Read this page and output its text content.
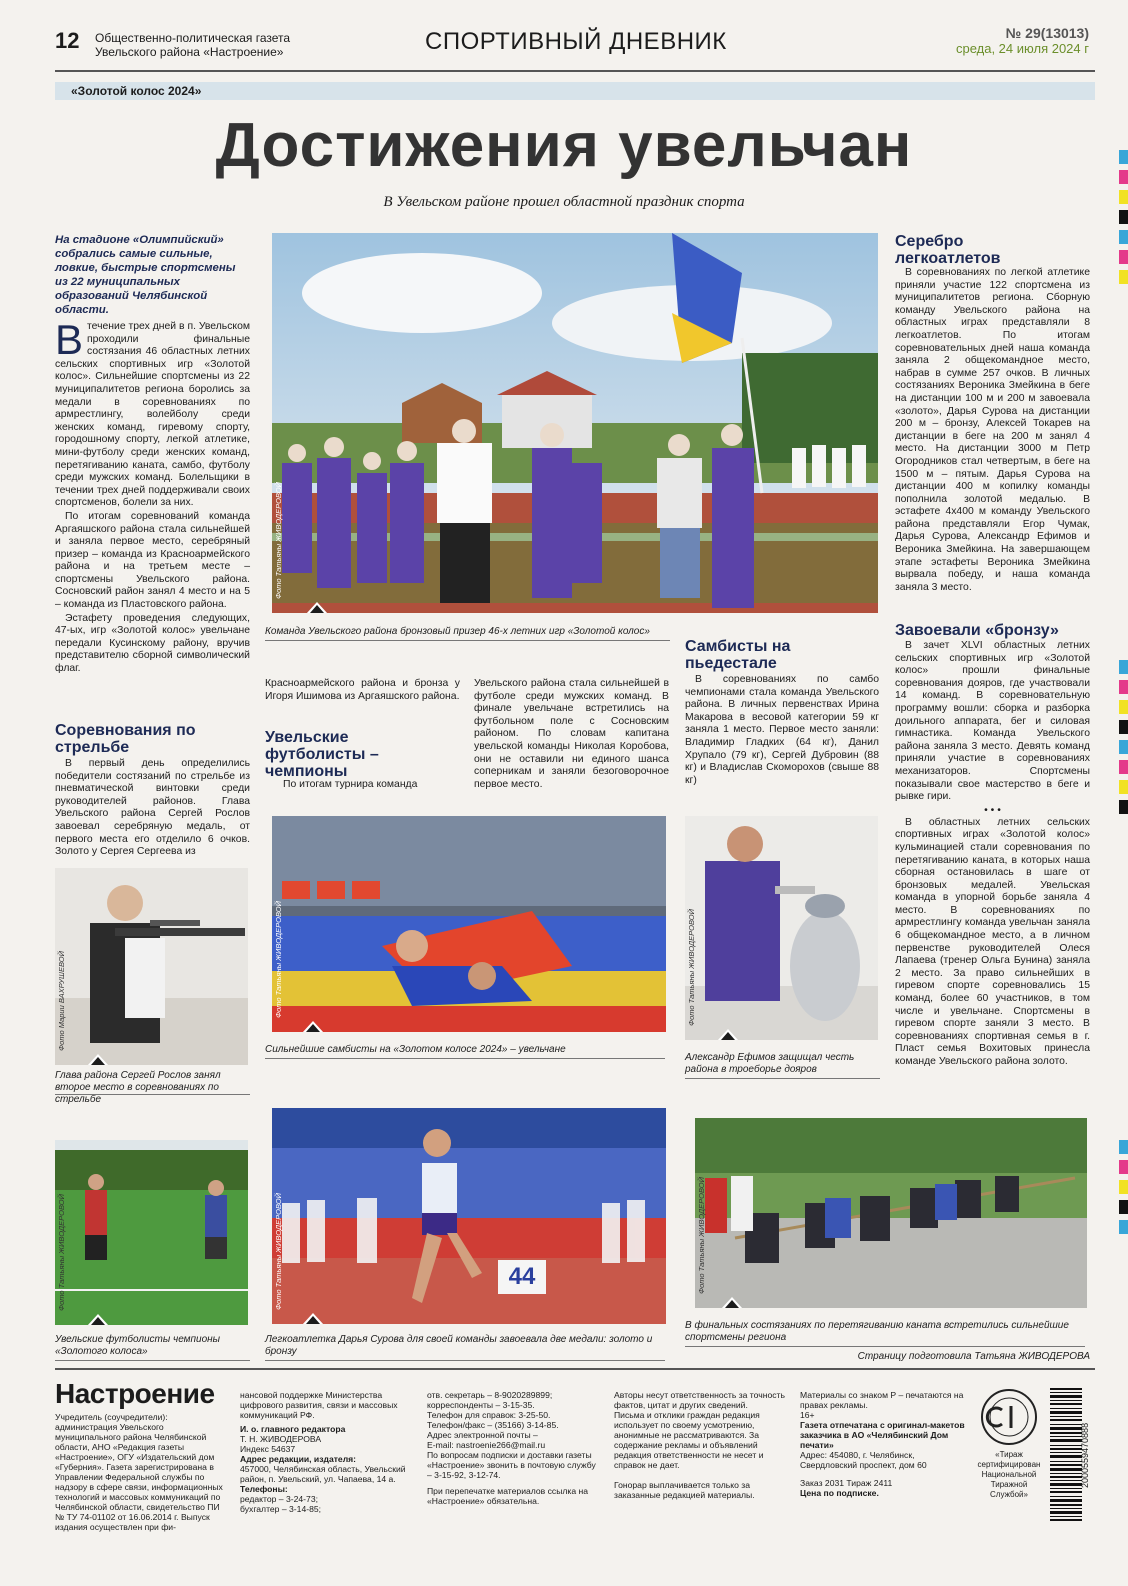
12 Общественно-политическая газета
Увельского района «Настроение»	СПОРТИВНЫЙ ДНЕВНИК	№ 29(13013)
среда, 24 июля 2024 г
«Золотой колос 2024»
Достижения увельчан
В Увельском районе прошел областной праздник спорта
На стадионе «Олимпийский» собрались самые сильные, ловкие, быстрые спортсмены из 22 муниципальных образований Челябинской области.
В течение трех дней в п. Увельском проходили финальные состязания 46 областных летних сельских спортивных игр «Золотой колос». Сильнейшие спортсмены из 22 муниципалитетов региона боролись за медали в соревнованиях по армрестлингу, волейболу среди женских команд, гиревому спорту, городошному спорту, легкой атлетике, мини-футболу среди женских команд, перетягиванию каната, самбо, футболу среди мужских команд. Болельщики в течении трех дней поддерживали своих спортсменов, болели за них.

По итогам соревнований команда Аргаяшского района стала сильнейшей и заняла первое место, серебряный призер – команда из Красноармейского района и на третьем месте – спортсмены Увельского района. Сосновский район занял 4 место и на 5 – команда из Пластовского района.

Эстафету проведения следующих, 47-ых, игр «Золотой колос» увельчане передали Кусинскому району, вручив представителю сборной символический флаг.

Соревнования по стрельбе

В первый день определились победители состязаний по стрельбе из пневматической винтовки среди руководителей районов. Глава Увельского района Сергей Рослов завоевал серебряную медаль, от первого места его отделило 6 очков. Золото у Сергея Сергеева из

Фото Татьяны ЖИВОДЕРОВОЙ
Команда Увельского района бронзовый призер 46-х летних игр «Золотой колос»

Красноармейского района и бронза у Игоря Ишимова из Аргаяшского района.

Увельские футболисты – чемпионы

По итогам турнира команда

Увельского района стала сильнейшей в футболе среди мужских команд. В финале увельчане встретились на футбольном поле с Сосновским районом. По словам капитана увельской команды Николая Коробова, они не оставили ни единого шанса соперникам и заняли безоговорочное первое место.

Самбисты на пьедестале

В соревнованиях по самбо чемпионами стала команда Увельского района. В личных первенствах Ирина Макарова в весовой категории 59 кг заняла 1 место. Первое место заняли: Владимир Гладких (64 кг), Данил Хрупало (79 кг), Сергей Дубровин (88 кг) и Владислав Скоморохов (свыше 88 кг)

Серебро легкоатлетов

В соревнованиях по легкой атлетике приняли участие 122 спортсмена из муниципалитетов региона. Сборную команду Увельского района на областных играх представляли 8 легкоатлетов. По итогам соревновательных дней наша команда заняла 2 общекомандное место, набрав в сумме 257 очков. В личных состязаниях Вероника Змейкина в беге на дистанции 100 м и 200 м завоевала «золото», Дарья Сурова на дистанции 200 м – бронзу, Алексей Токарев на дистанции в беге на 200 м занял 4 место. На дистанции 3000 м Петр Огородников стал четвертым, в беге на 1500 м – пятым. Дарья Сурова на дистанции 400 м копилку команды пополнила золотой медалью. В эстафете 4х400 м команду Увельского района представляли Егор Чумак, Дарья Сурова, Александр Ефимов и Вероника Змейкина. На завершающем этапе эстафеты Вероника Змейкина вырвала победу, и наша команда заняла 3 место.

Завоевали «бронзу»

В зачет XLVI областных летних сельских спортивных игр «Золотой колос» прошли финальные соревнования дояров, где участвовали 14 команд. В соревновательную программу вошли: сборка и разборка доильного аппарата, бег и силовая гимнастика. Команда Увельского района заняла 3 место. Девять команд приняли участие в соревнованиях механизаторов. Спортсмены показывали свое мастерство в беге и рывке гири.

• • •

В областных летних сельских спортивных играх «Золотой колос» кульминацией стали соревнования по перетягиванию каната, в которых наша сборная остановилась в шаге от бронзовых медалей. Увельская команда в упорной борьбе заняла 4 место. В соревнованиях по армрестлингу команда увельчан заняла 6 общекомандное место, а в личном первенстве руководителей Олеся Лапаева (тренер Ольга Бунина) заняла 2 место. За право сильнейших в гиревом спорте соревновались 15 команд, более 60 участников, в том числе и увельчане. Спортсмены в гиревом спорте заняли 3 место. В соревнованиях спортивная семья в г. Пласт семья Вохитовых принесла команде Увельского района золото.

Фото Марии ВАХРУШЕВОЙ
Глава района Сергей Рослов занял второе место в соревнованиях по стрельбе
Фото Татьяны ЖИВОДЕРОВОЙ
Сильнейшие самбисты на «Золотом колосе 2024» – увельчане
Фото Татьяны ЖИВОДЕРОВОЙ
Александр Ефимов защищал честь района в троеборье дояров
Фото Татьяны ЖИВОДЕРОВОЙ
Увельские футболисты чемпионы «Золотого колоса»
44
Фото Татьяны ЖИВОДЕРОВОЙ
Легкоатлетка Дарья Сурова для своей команды завоевала две медали: золото и бронзу
Фото Татьяны ЖИВОДЕРОВОЙ
В финальных состязаниях по перетягиванию каната встретились сильнейшие спортсмены региона
Страницу подготовила Татьяна ЖИВОДЕРОВА
Настроение
Учредитель (соучредители): администрация Увельского муниципального района Челябинской области, АНО «Редакция газеты «Настроение», ОГУ «Издательский дом «Губерния». Газета зарегистрирована в Управлении Федеральной службы по надзору в сфере связи, информационных технологий и массовых коммуникаций по Челябинской области, свидетельство ПИ № ТУ 74-01102 от 16.06.2014 г. Выпуск издания осуществлен при фи-
нансовой поддержке Министерства цифрового развития, связи и массовых коммуникаций РФ.
И. о. главного редактора
Т. Н. ЖИВОДЕРОВА
Индекс 54637
Адрес редакции, издателя:
457000, Челябинская область, Увельский район, п. Увельский, ул. Чапаева, 14 а.
Телефоны:
редактор – 3-24-73;
бухгалтер – 3-14-85;
отв. секретарь – 8-9020289899;
корреспонденты – 3-15-35.
Телефон для справок: 3-25-50.
Телефон/факс – (35166) 3-14-85.
Адрес электронной почты –
E-mail: nastroenie266@mail.ru
По вопросам подписки и доставки газеты «Настроение» звонить в почтовую службу – 3-15-92, 3-12-74.
При перепечатке материалов ссылка на «Настроение» обязательна.
Авторы несут ответственность за точность фактов, цитат и других сведений.
Письма и отклики граждан редакция использует по своему усмотрению, анонимные не рассматриваются. За содержание рекламы и объявлений редакция ответственности не несет и справок не дает.
Гонорар выплачивается только за заказанные редакцией материалы.
Материалы со знаком Р – печатаются на правах рекламы.
16+
Газета отпечатана с оригинал-макетов заказчика в АО «Челябинский Дом печати»
Адрес: 454080, г. Челябинск, Свердловский проспект, дом 60
Заказ 2031 Тираж 2411
Цена по подписке.
«Тираж сертифицирован Национальной Тиражной Службой»
2000559470888
